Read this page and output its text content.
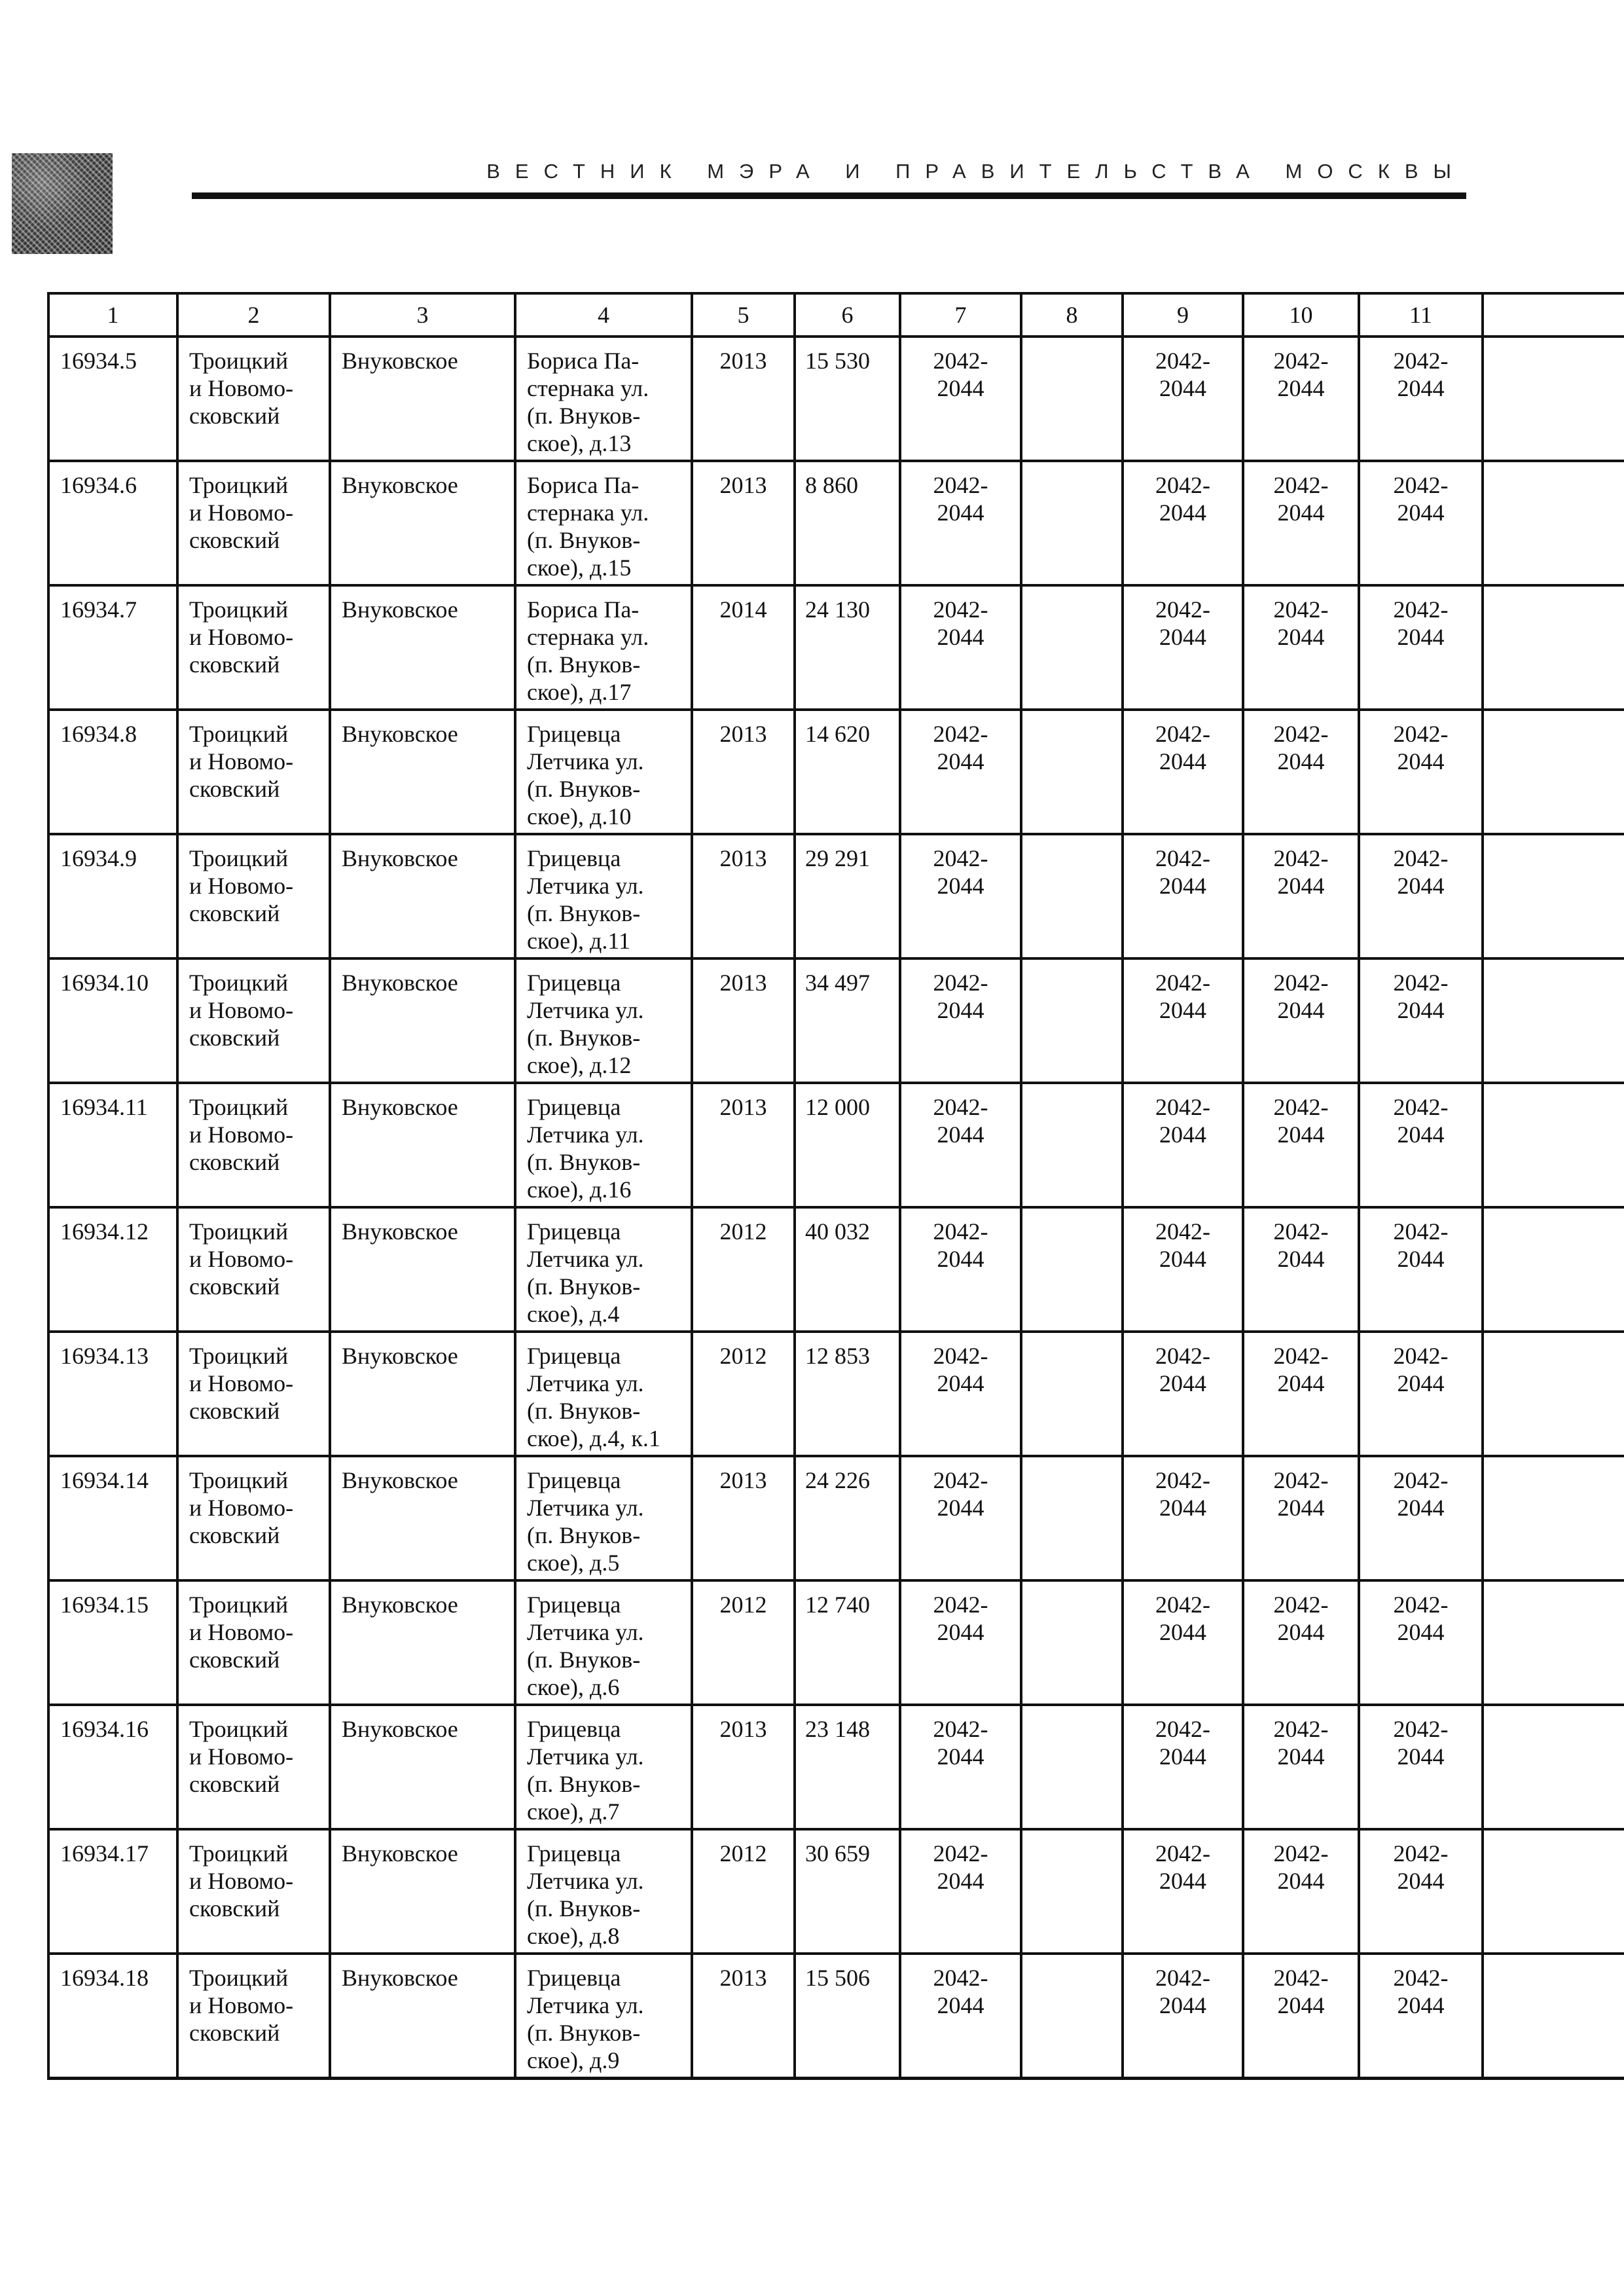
ВЕСТНИК МЭРА И ПРАВИТЕЛЬСТВА МОСКВЫ
1	2	3	4	5	6	7	8	9	10	11	
16934.5	Троицкий
и Новомо-
сковский	Внуковское	Бориса Па-
стернака ул.
(п. Внуков-
ское), д.13	2013	15 530	2042-
2044		2042-
2044	2042-
2044	2042-
2044	
16934.6	Троицкий
и Новомо-
сковский	Внуковское	Бориса Па-
стернака ул.
(п. Внуков-
ское), д.15	2013	8 860	2042-
2044		2042-
2044	2042-
2044	2042-
2044	
16934.7	Троицкий
и Новомо-
сковский	Внуковское	Бориса Па-
стернака ул.
(п. Внуков-
ское), д.17	2014	24 130	2042-
2044		2042-
2044	2042-
2044	2042-
2044	
16934.8	Троицкий
и Новомо-
сковский	Внуковское	Грицевца
Летчика ул.
(п. Внуков-
ское), д.10	2013	14 620	2042-
2044		2042-
2044	2042-
2044	2042-
2044	
16934.9	Троицкий
и Новомо-
сковский	Внуковское	Грицевца
Летчика ул.
(п. Внуков-
ское), д.11	2013	29 291	2042-
2044		2042-
2044	2042-
2044	2042-
2044	
16934.10	Троицкий
и Новомо-
сковский	Внуковское	Грицевца
Летчика ул.
(п. Внуков-
ское), д.12	2013	34 497	2042-
2044		2042-
2044	2042-
2044	2042-
2044	
16934.11	Троицкий
и Новомо-
сковский	Внуковское	Грицевца
Летчика ул.
(п. Внуков-
ское), д.16	2013	12 000	2042-
2044		2042-
2044	2042-
2044	2042-
2044	
16934.12	Троицкий
и Новомо-
сковский	Внуковское	Грицевца
Летчика ул.
(п. Внуков-
ское), д.4	2012	40 032	2042-
2044		2042-
2044	2042-
2044	2042-
2044	
16934.13	Троицкий
и Новомо-
сковский	Внуковское	Грицевца
Летчика ул.
(п. Внуков-
ское), д.4, к.1	2012	12 853	2042-
2044		2042-
2044	2042-
2044	2042-
2044	
16934.14	Троицкий
и Новомо-
сковский	Внуковское	Грицевца
Летчика ул.
(п. Внуков-
ское), д.5	2013	24 226	2042-
2044		2042-
2044	2042-
2044	2042-
2044	
16934.15	Троицкий
и Новомо-
сковский	Внуковское	Грицевца
Летчика ул.
(п. Внуков-
ское), д.6	2012	12 740	2042-
2044		2042-
2044	2042-
2044	2042-
2044	
16934.16	Троицкий
и Новомо-
сковский	Внуковское	Грицевца
Летчика ул.
(п. Внуков-
ское), д.7	2013	23 148	2042-
2044		2042-
2044	2042-
2044	2042-
2044	
16934.17	Троицкий
и Новомо-
сковский	Внуковское	Грицевца
Летчика ул.
(п. Внуков-
ское), д.8	2012	30 659	2042-
2044		2042-
2044	2042-
2044	2042-
2044	
16934.18	Троицкий
и Новомо-
сковский	Внуковское	Грицевца
Летчика ул.
(п. Внуков-
ское), д.9	2013	15 506	2042-
2044		2042-
2044	2042-
2044	2042-
2044	
